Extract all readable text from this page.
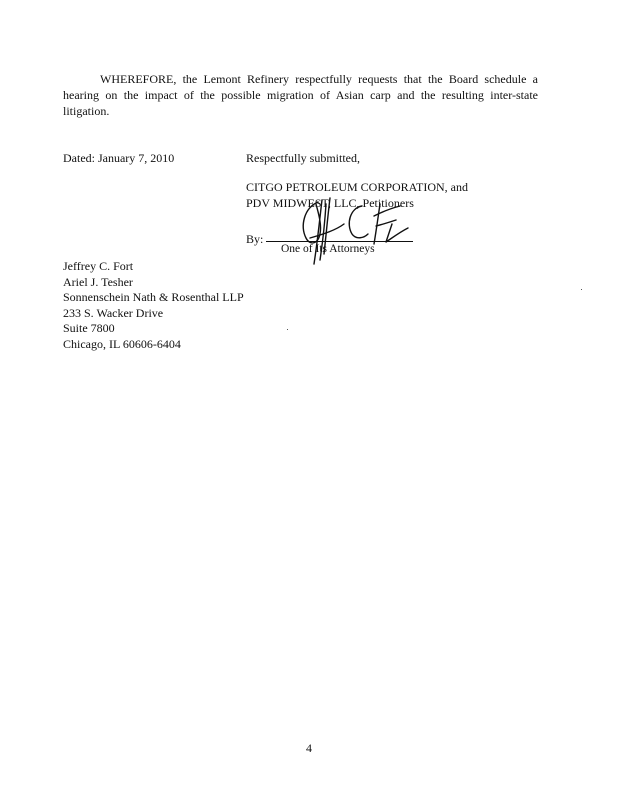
WHEREFORE, the Lemont Refinery respectfully requests that the Board schedule a hearing on the impact of the possible migration of Asian carp and the resulting inter-state litigation.

Dated: January 7, 2010	Respectfully submitted,
CITGO PETROLEUM CORPORATION, and
PDV MIDWEST, LLC, Petitioners
By:
One of Its Attorneys
Jeffrey C. Fort
Ariel J. Tesher
Sonnenschein Nath & Rosenthal LLP
233 S. Wacker Drive
Suite 7800
Chicago, IL 60606-6404
4
